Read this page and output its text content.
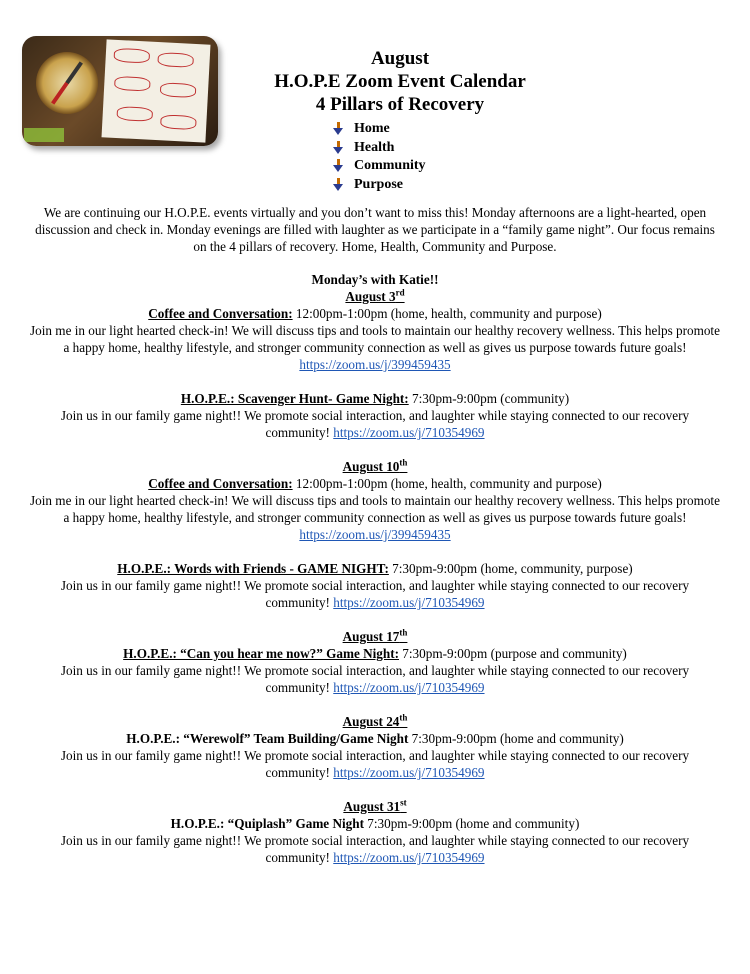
August
H.O.P.E Zoom Event Calendar
4 Pillars of Recovery
Home
Health
Community
Purpose

We are continuing our H.O.P.E. events virtually and you don’t want to miss this! Monday afternoons are a light-hearted, open discussion and check in. Monday evenings are filled with laughter as we participate in a “family game night”. Our focus remains on the 4 pillars of recovery. Home, Health, Community and Purpose.

Monday’s with Katie!!

August 3rd

Coffee and Conversation: 12:00pm-1:00pm (home, health, community and purpose)

Join me in our light hearted check-in! We will discuss tips and tools to maintain our healthy recovery wellness. This helps promote a happy home, healthy lifestyle, and stronger community connection as well as gives us purpose towards future goals! https://zoom.us/j/399459435

H.O.P.E.: Scavenger Hunt- Game Night: 7:30pm-9:00pm (community)

Join us in our family game night!! We promote social interaction, and laughter while staying connected to our recovery community! https://zoom.us/j/710354969

August 10th

Coffee and Conversation: 12:00pm-1:00pm (home, health, community and purpose)

Join me in our light hearted check-in! We will discuss tips and tools to maintain our healthy recovery wellness. This helps promote a happy home, healthy lifestyle, and stronger community connection as well as gives us purpose towards future goals! https://zoom.us/j/399459435

H.O.P.E.: Words with Friends - GAME NIGHT: 7:30pm-9:00pm (home, community, purpose)

Join us in our family game night!! We promote social interaction, and laughter while staying connected to our recovery community! https://zoom.us/j/710354969

August 17th

H.O.P.E.: “Can you hear me now?” Game Night: 7:30pm-9:00pm (purpose and community)

Join us in our family game night!! We promote social interaction, and laughter while staying connected to our recovery community! https://zoom.us/j/710354969

August 24th

H.O.P.E.: “Werewolf” Team Building/Game Night 7:30pm-9:00pm (home and community)

Join us in our family game night!! We promote social interaction, and laughter while staying connected to our recovery community! https://zoom.us/j/710354969

August 31st

H.O.P.E.: “Quiplash” Game Night 7:30pm-9:00pm (home and community)

Join us in our family game night!! We promote social interaction, and laughter while staying connected to our recovery community! https://zoom.us/j/710354969
